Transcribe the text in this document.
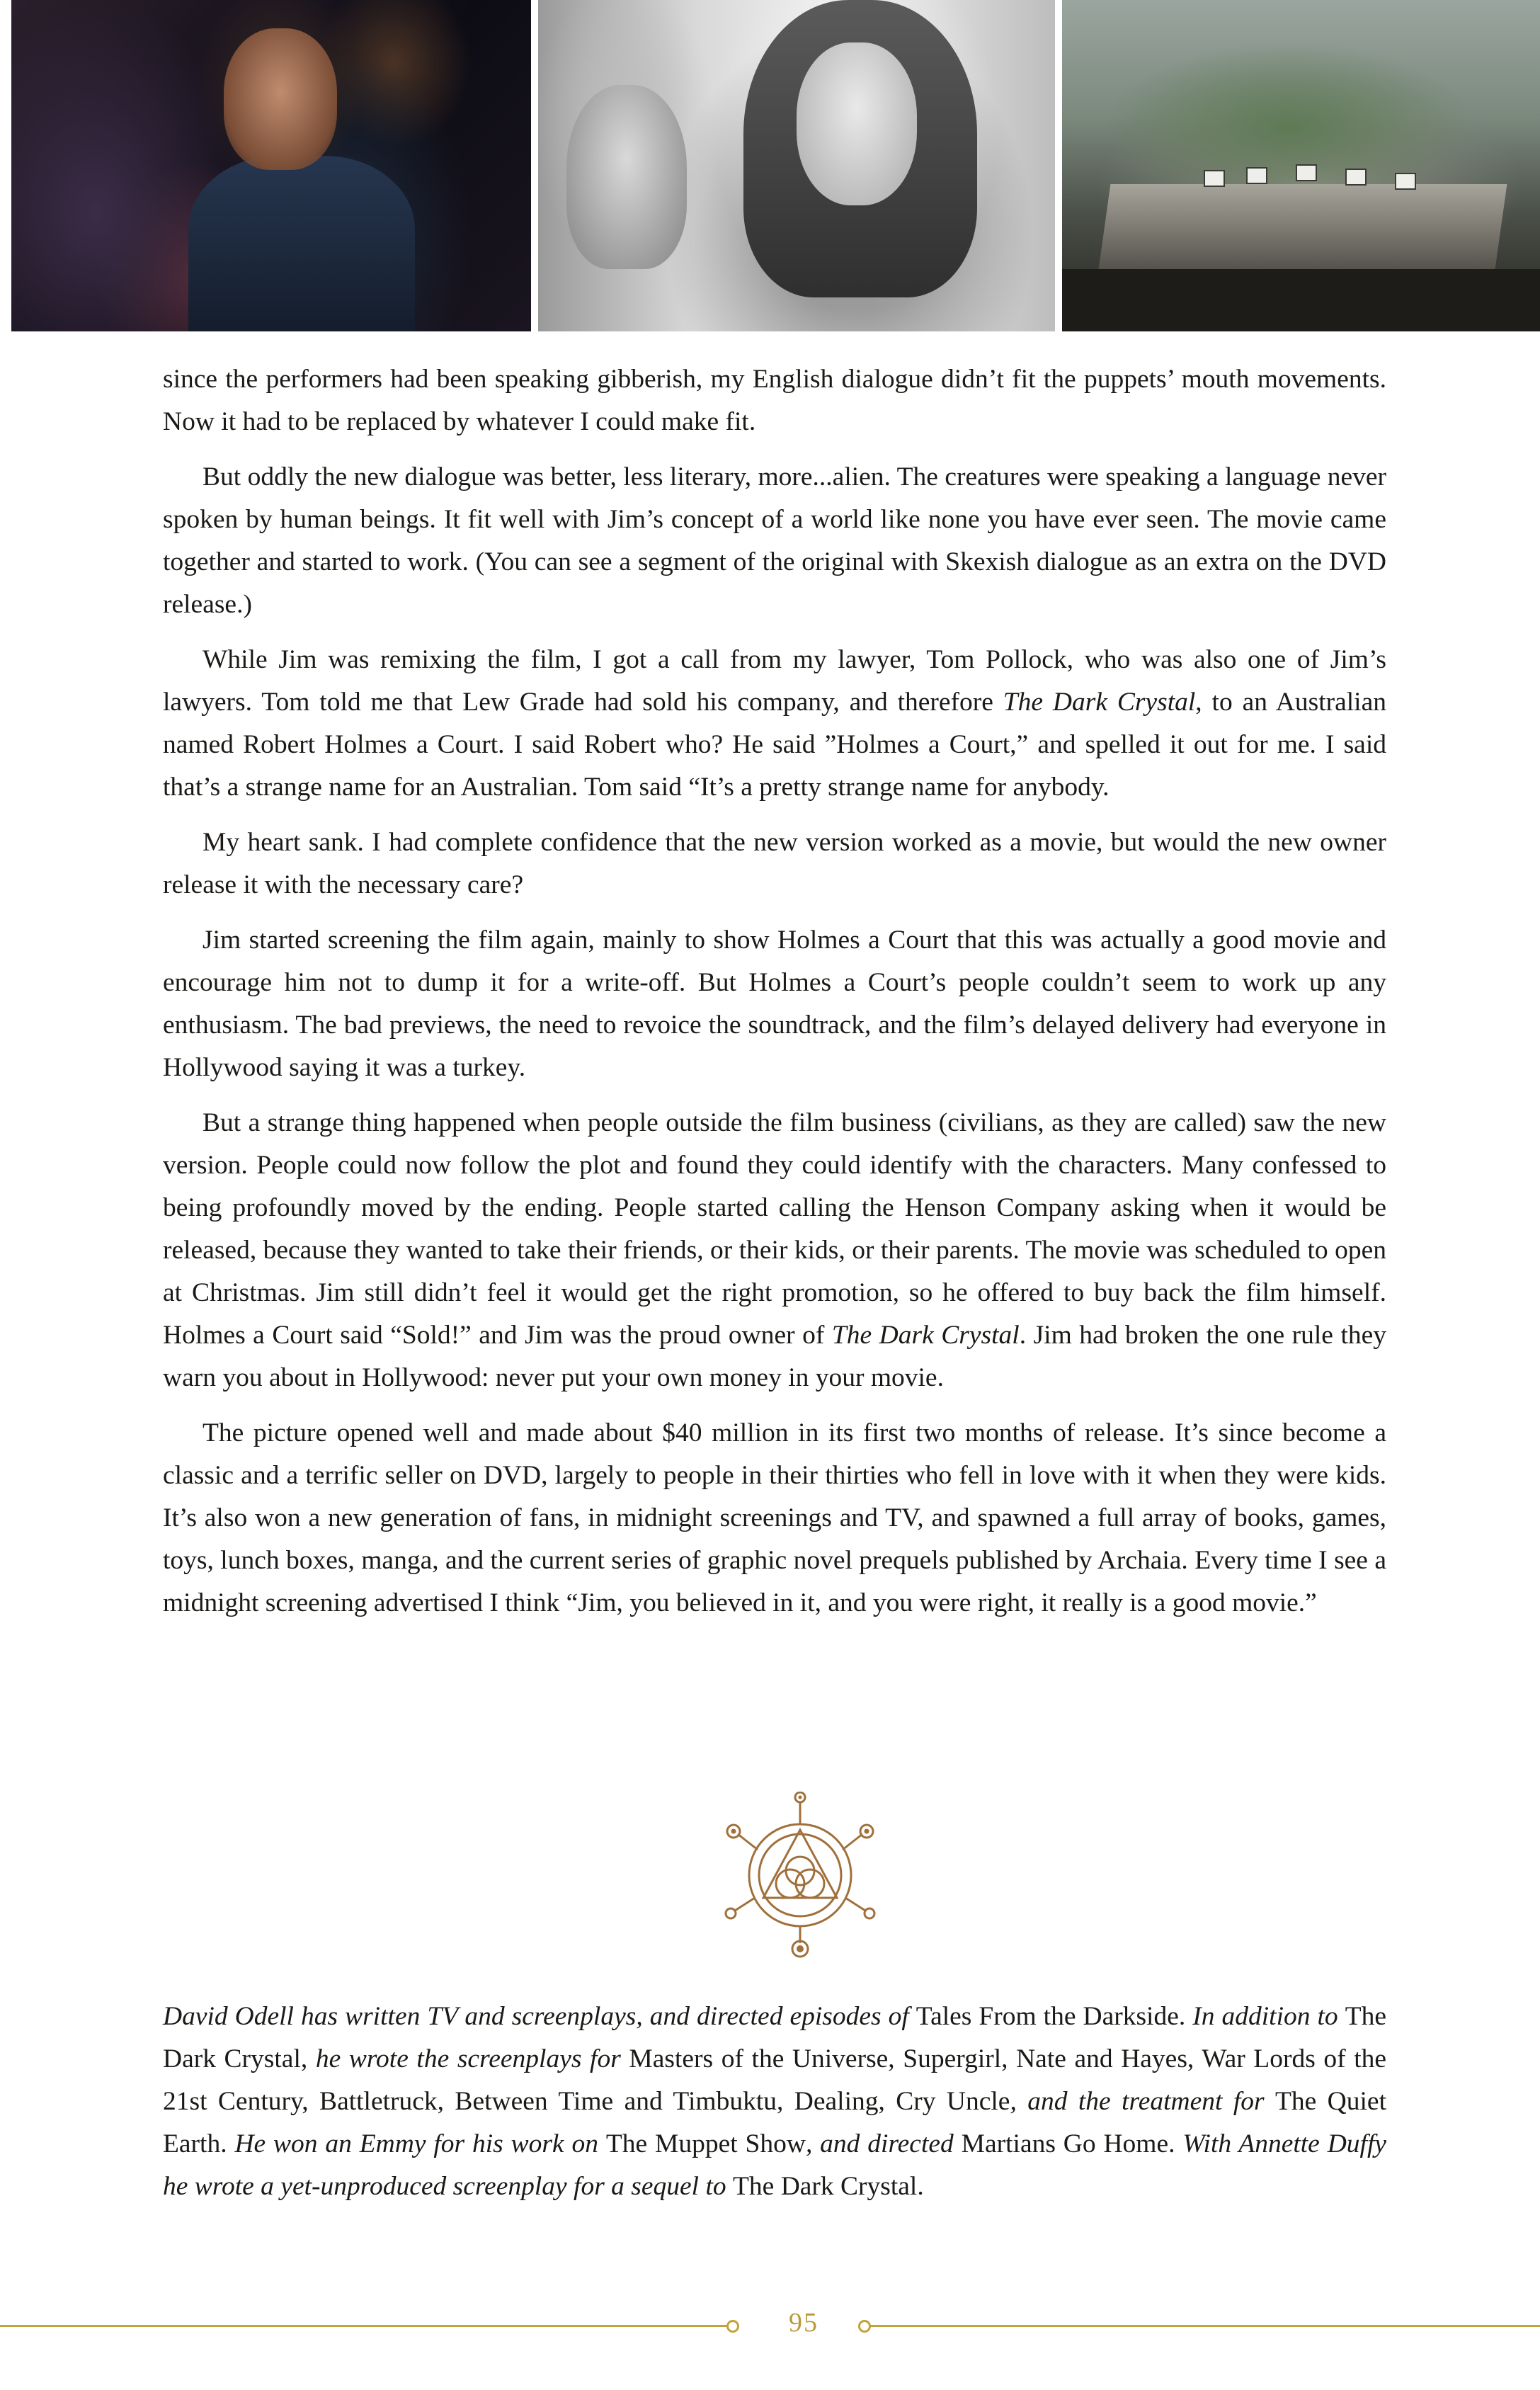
since the performers had been speaking gibberish, my English dialogue didn’t fit the puppets’ mouth movements. Now it had to be replaced by whatever I could make fit.

But oddly the new dialogue was better, less literary, more...alien. The creatures were speaking a language never spoken by human beings. It fit well with Jim’s concept of a world like none you have ever seen. The movie came together and started to work. (You can see a segment of the original with Skexish dialogue as an extra on the DVD release.)

While Jim was remixing the film, I got a call from my lawyer, Tom Pollock, who was also one of Jim’s lawyers. Tom told me that Lew Grade had sold his company, and therefore The Dark Crystal, to an Australian named Robert Holmes a Court. I said Robert who? He said ”Holmes a Court,” and spelled it out for me. I said that’s a strange name for an Australian. Tom said “It’s a pretty strange name for anybody.

My heart sank. I had complete confidence that the new version worked as a movie, but would the new owner release it with the necessary care?

Jim started screening the film again, mainly to show Holmes a Court that this was actually a good movie and encourage him not to dump it for a write-off. But Holmes a Court’s people couldn’t seem to work up any enthusiasm. The bad previews, the need to revoice the soundtrack, and the film’s delayed delivery had everyone in Hollywood saying it was a turkey.

But a strange thing happened when people outside the film business (civilians, as they are called) saw the new version. People could now follow the plot and found they could identify with the characters. Many confessed to being profoundly moved by the ending. People started calling the Henson Company asking when it would be released, because they wanted to take their friends, or their kids, or their parents. The movie was scheduled to open at Christmas. Jim still didn’t feel it would get the right promotion, so he offered to buy back the film himself. Holmes a Court said “Sold!” and Jim was the proud owner of The Dark Crystal. Jim had broken the one rule they warn you about in Hollywood: never put your own money in your movie.

The picture opened well and made about $40 million in its first two months of release. It’s since become a classic and a terrific seller on DVD, largely to people in their thirties who fell in love with it when they were kids. It’s also won a new generation of fans, in midnight screenings and TV, and spawned a full array of books, games, toys, lunch boxes, manga, and the current series of graphic novel prequels published by Archaia. Every time I see a midnight screening advertised I think “Jim, you believed in it, and you were right, it really is a good movie.”

David Odell has written TV and screenplays, and directed episodes of Tales From the Darkside. In addition to The Dark Crystal, he wrote the screenplays for Masters of the Universe, Supergirl, Nate and Hayes, War Lords of the 21st Century, Battletruck, Between Time and Timbuktu, Dealing, Cry Uncle, and the treatment for The Quiet Earth. He won an Emmy for his work on The Muppet Show, and directed Martians Go Home. With Annette Duffy he wrote a yet-unproduced screenplay for a sequel to The Dark Crystal.

95
